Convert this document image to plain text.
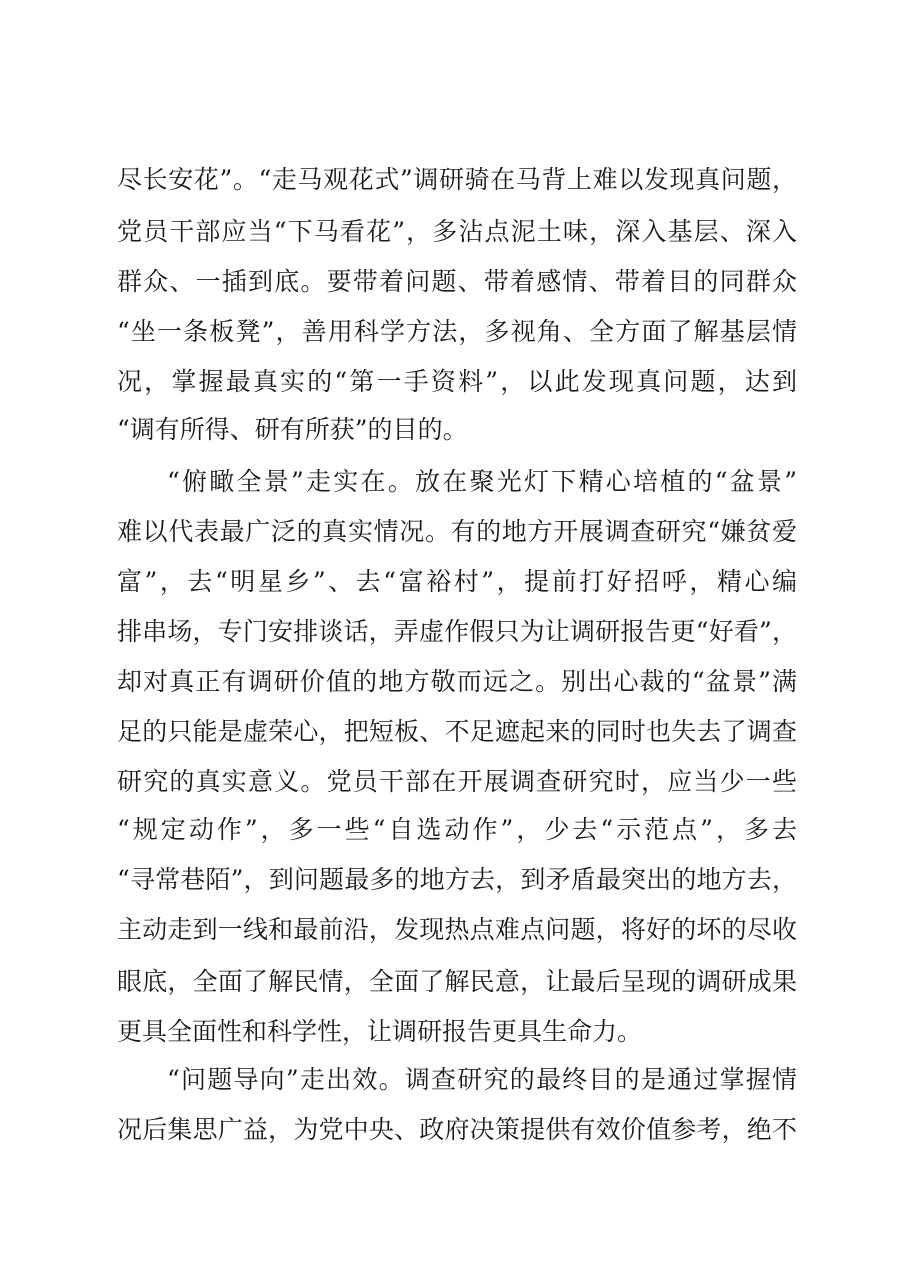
尽长安花”。“走马观花式”调研骑在马背上难以发现真问题，
党员干部应当“下马看花”，多沾点泥土味，深入基层、深入
群众、一插到底。要带着问题、带着感情、带着目的同群众
“坐一条板凳”，善用科学方法，多视角、全方面了解基层情
况，掌握最真实的“第一手资料”，以此发现真问题，达到
“调有所得、研有所获”的目的。
“俯瞰全景”走实在。放在聚光灯下精心培植的“盆景”
难以代表最广泛的真实情况。有的地方开展调查研究“嫌贫爱
富”，去“明星乡”、去“富裕村”，提前打好招呼，精心编
排串场，专门安排谈话，弄虚作假只为让调研报告更“好看”，
却对真正有调研价值的地方敬而远之。别出心裁的“盆景”满
足的只能是虚荣心，把短板、不足遮起来的同时也失去了调查
研究的真实意义。党员干部在开展调查研究时，应当少一些
“规定动作”，多一些“自选动作”，少去“示范点”，多去
“寻常巷陌”，到问题最多的地方去，到矛盾最突出的地方去，
主动走到一线和最前沿，发现热点难点问题，将好的坏的尽收
眼底，全面了解民情，全面了解民意，让最后呈现的调研成果
更具全面性和科学性，让调研报告更具生命力。
“问题导向”走出效。调查研究的最终目的是通过掌握情
况后集思广益，为党中央、政府决策提供有效价值参考，绝不
